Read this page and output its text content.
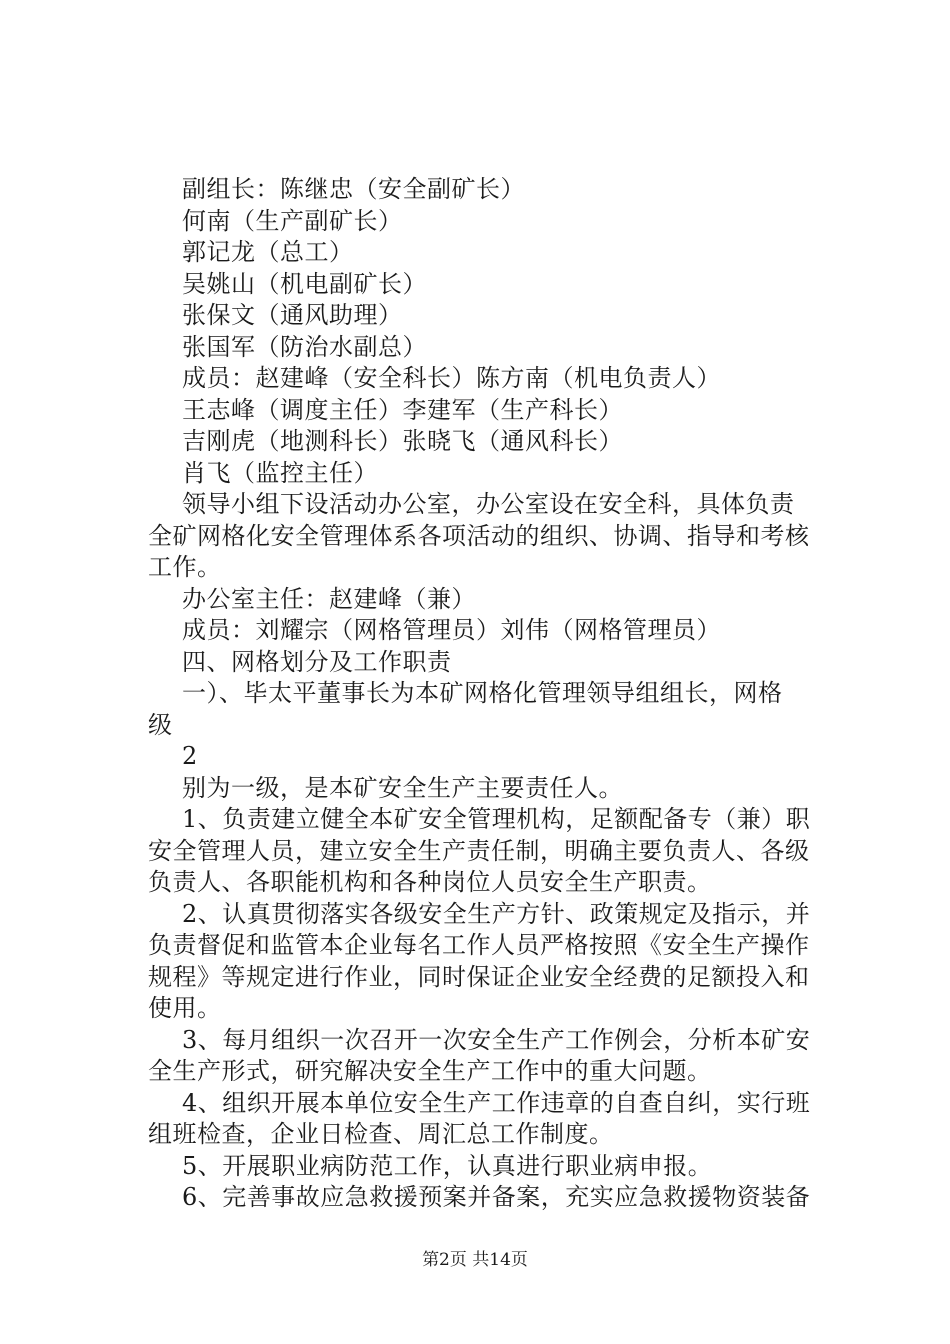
副组长：陈继忠（安全副矿长）
何南（生产副矿长）
郭记龙（总工）
吴姚山（机电副矿长）
张保文（通风助理）
张国军（防治水副总）
成员：赵建峰（安全科长）陈方南（机电负责人）
王志峰（调度主任）李建军（生产科长）
吉刚虎（地测科长）张晓飞（通风科长）
肖飞（监控主任）
领导小组下设活动办公室，办公室设在安全科，具体负责
全矿网格化安全管理体系各项活动的组织、协调、指导和考核
工作。
办公室主任：赵建峰（兼）
成员：刘耀宗（网格管理员）刘伟（网格管理员）
四、网格划分及工作职责
一）、毕太平董事长为本矿网格化管理领导组组长，网格
级
2
别为一级，是本矿安全生产主要责任人。
1、负责建立健全本矿安全管理机构，足额配备专（兼）职
安全管理人员，建立安全生产责任制，明确主要负责人、各级
负责人、各职能机构和各种岗位人员安全生产职责。
2、认真贯彻落实各级安全生产方针、政策规定及指示，并
负责督促和监管本企业每名工作人员严格按照《安全生产操作
规程》等规定进行作业，同时保证企业安全经费的足额投入和
使用。
3、每月组织一次召开一次安全生产工作例会，分析本矿安
全生产形式，研究解决安全生产工作中的重大问题。
4、组织开展本单位安全生产工作违章的自查自纠，实行班
组班检查，企业日检查、周汇总工作制度。
5、开展职业病防范工作，认真进行职业病申报。
6、完善事故应急救援预案并备案，充实应急救援物资装备
第2页 共14页
